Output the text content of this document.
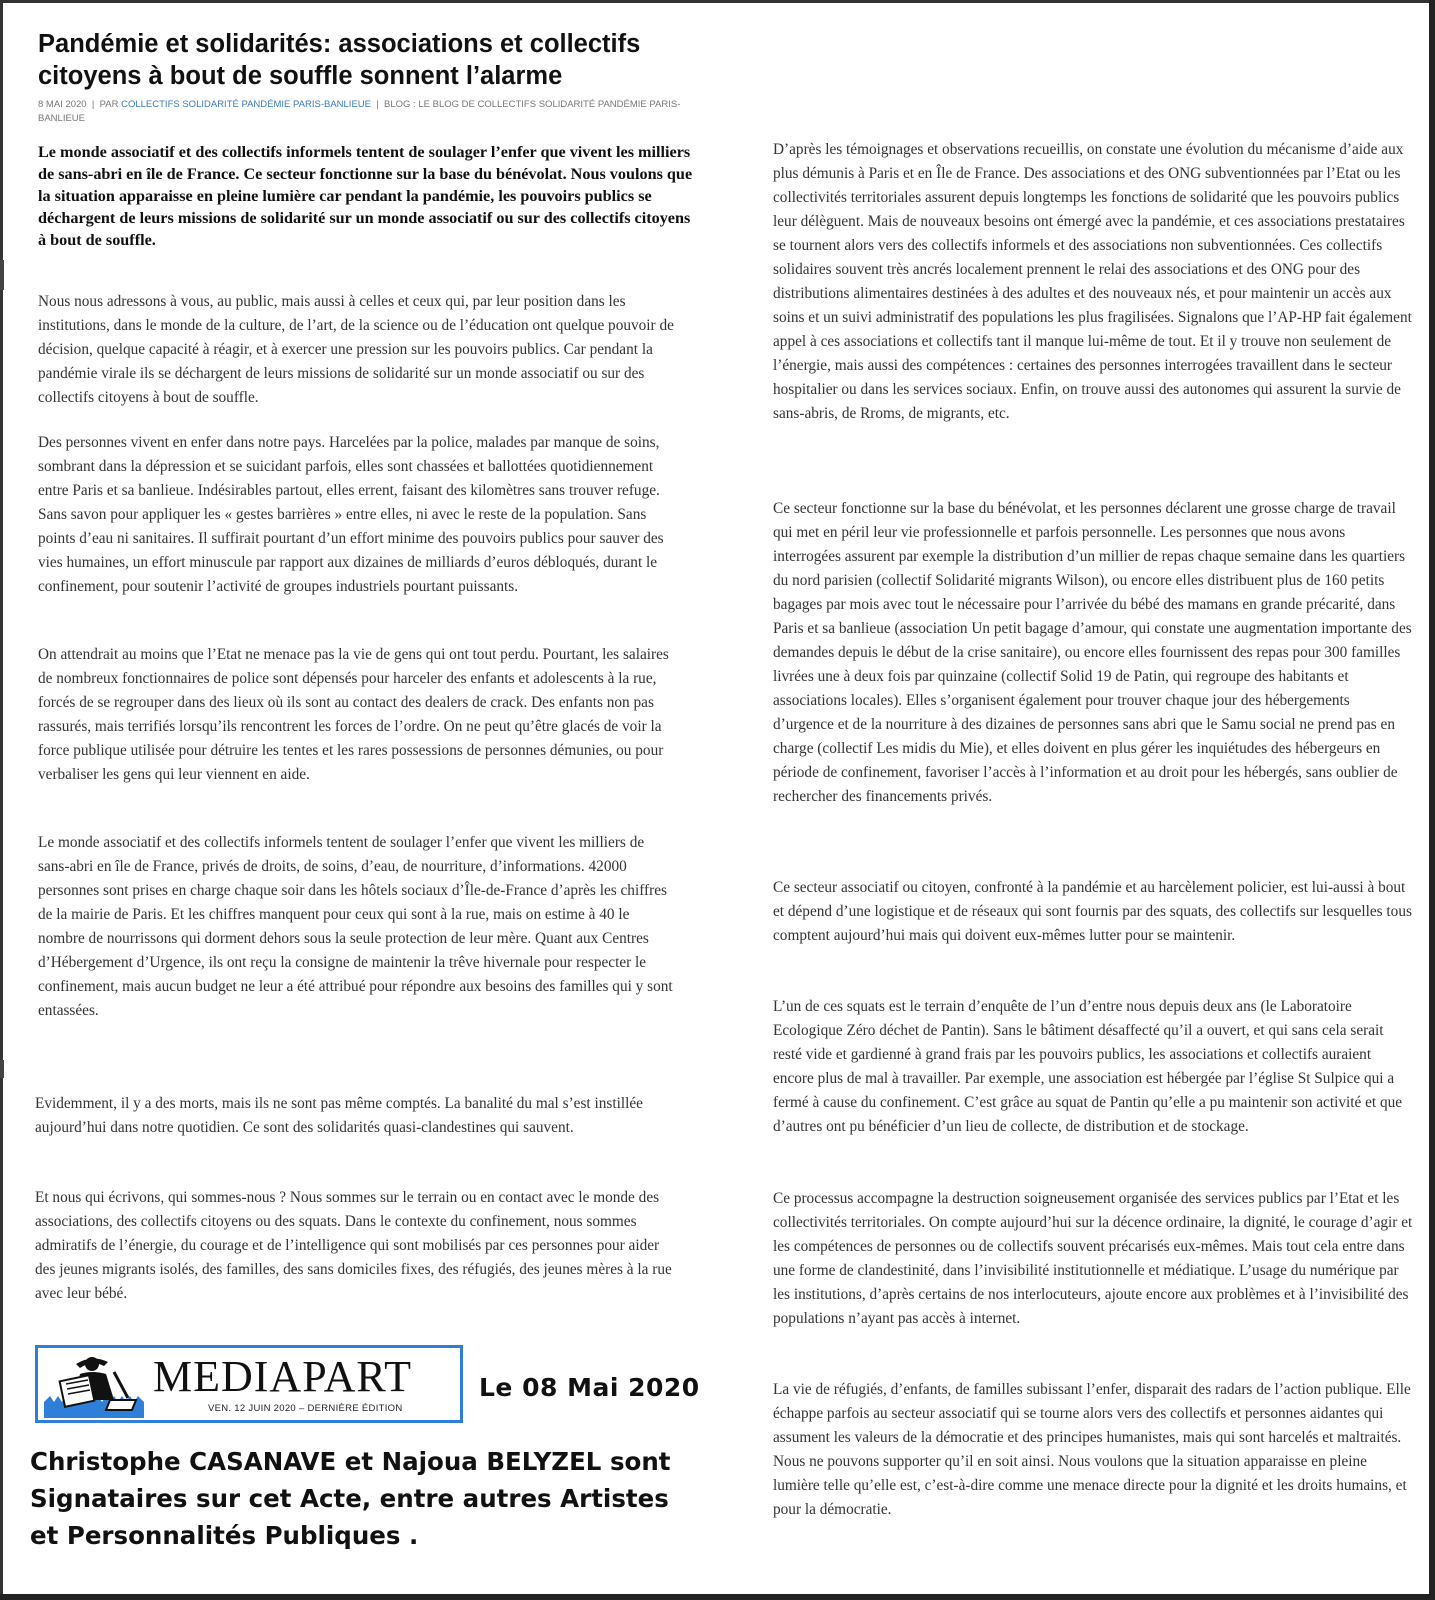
Pandémie et solidarités: associations et collectifs citoyens à bout de souffle sonnent l’alarme
8 MAI 2020  |  PAR COLLECTIFS SOLIDARITÉ PANDÉMIE PARIS-BANLIEUE  |  BLOG : LE BLOG DE COLLECTIFS SOLIDARITÉ PANDÉMIE PARIS-BANLIEUE

Le monde associatif et des collectifs informels tentent de soulager l’enfer que vivent les milliers de sans-abri en île de France. Ce secteur fonctionne sur la base du bénévolat. Nous voulons que la situation apparaisse en pleine lumière car pendant la pandémie, les pouvoirs publics se déchargent de leurs missions de solidarité sur un monde associatif ou sur des collectifs citoyens à bout de souffle.

Nous nous adressons à vous, au public, mais aussi à celles et ceux qui, par leur position dans les institutions, dans le monde de la culture, de l’art, de la science ou de l’éducation ont quelque pouvoir de décision, quelque capacité à réagir, et à exercer une pression sur les pouvoirs publics. Car pendant la pandémie virale ils se déchargent de leurs missions de solidarité sur un monde associatif ou sur des collectifs citoyens à bout de souffle.

Des personnes vivent en enfer dans notre pays. Harcelées par la police, malades par manque de soins, sombrant dans la dépression et se suicidant parfois, elles sont chassées et ballottées quotidiennement entre Paris et sa banlieue. Indésirables partout, elles errent, faisant des kilomètres sans trouver refuge. Sans savon pour appliquer les « gestes barrières » entre elles, ni avec le reste de la population. Sans points d’eau ni sanitaires. Il suffirait pourtant d’un effort minime des pouvoirs publics pour sauver des vies humaines, un effort minuscule par rapport aux dizaines de milliards d’euros débloqués, durant le confinement, pour soutenir l’activité de groupes industriels pourtant puissants.

On attendrait au moins que l’Etat ne menace pas la vie de gens qui ont tout perdu. Pourtant, les salaires de nombreux fonctionnaires de police sont dépensés pour harceler des enfants et adolescents à la rue, forcés de se regrouper dans des lieux où ils sont au contact des dealers de crack. Des enfants non pas rassurés, mais terrifiés lorsqu’ils rencontrent les forces de l’ordre. On ne peut qu’être glacés de voir la force publique utilisée pour détruire les tentes et les rares possessions de personnes démunies, ou pour verbaliser les gens qui leur viennent en aide.

Le monde associatif et des collectifs informels tentent de soulager l’enfer que vivent les milliers de sans-abri en île de France, privés de droits, de soins, d’eau, de nourriture, d’informations. 42000 personnes sont prises en charge chaque soir dans les hôtels sociaux d’Île-de-France d’après les chiffres de la mairie de Paris. Et les chiffres manquent pour ceux qui sont à la rue, mais on estime à 40 le nombre de nourrissons qui dorment dehors sous la seule protection de leur mère. Quant aux Centres d’Hébergement d’Urgence, ils ont reçu la consigne de maintenir la trêve hivernale pour respecter le confinement, mais aucun budget ne leur a été attribué pour répondre aux besoins des familles qui y sont entassées.

Evidemment, il y a des morts, mais ils ne sont pas même comptés. La banalité du mal s’est instillée aujourd’hui dans notre quotidien. Ce sont des solidarités quasi-clandestines qui sauvent.

Et nous qui écrivons, qui sommes-nous ? Nous sommes sur le terrain ou en contact avec le monde des associations, des collectifs citoyens ou des squats. Dans le contexte du confinement, nous sommes admiratifs de l’énergie, du courage et de l’intelligence qui sont mobilisés par ces personnes pour aider des jeunes migrants isolés, des familles, des sans domiciles fixes, des réfugiés, des jeunes mères à la rue avec leur bébé.

D’après les témoignages et observations recueillis, on constate une évolution du mécanisme d’aide aux plus démunis à Paris et en Île de France. Des associations et des ONG subventionnées par l’Etat ou les collectivités territoriales assurent depuis longtemps les fonctions de solidarité que les pouvoirs publics leur délèguent. Mais de nouveaux besoins ont émergé avec la pandémie, et ces associations prestataires se tournent alors vers des collectifs informels et des associations non subventionnées. Ces collectifs solidaires souvent très ancrés localement prennent le relai des associations et des ONG pour des distributions alimentaires destinées à des adultes et des nouveaux nés, et pour maintenir un accès aux soins et un suivi administratif des populations les plus fragilisées. Signalons que l’AP-HP fait également appel à ces associations et collectifs tant il manque lui-même de tout. Et il y trouve non seulement de l’énergie, mais aussi des compétences : certaines des personnes interrogées travaillent dans le secteur hospitalier ou dans les services sociaux. Enfin, on trouve aussi des autonomes qui assurent la survie de sans-abris, de Rroms, de migrants, etc.

Ce secteur fonctionne sur la base du bénévolat, et les personnes déclarent une grosse charge de travail qui met en péril leur vie professionnelle et parfois personnelle. Les personnes que nous avons interrogées assurent par exemple la distribution d’un millier de repas chaque semaine dans les quartiers du nord parisien (collectif Solidarité migrants Wilson), ou encore elles distribuent plus de 160 petits bagages par mois avec tout le nécessaire pour l’arrivée du bébé des mamans en grande précarité, dans Paris et sa banlieue (association Un petit bagage d’amour, qui constate une augmentation importante des demandes depuis le début de la crise sanitaire), ou encore elles fournissent des repas pour 300 familles livrées une à deux fois par quinzaine (collectif Solid 19 de Patin, qui regroupe des habitants et associations locales). Elles s’organisent également pour trouver chaque jour des hébergements d’urgence et de la nourriture à des dizaines de personnes sans abri que le Samu social ne prend pas en charge (collectif Les midis du Mie), et elles doivent en plus gérer les inquiétudes des hébergeurs en période de confinement, favoriser l’accès à l’information et au droit pour les hébergés, sans oublier de rechercher des financements privés.

Ce secteur associatif ou citoyen, confronté à la pandémie et au harcèlement policier, est lui-aussi à bout et dépend d’une logistique et de réseaux qui sont fournis par des squats, des collectifs sur lesquelles tous comptent aujourd’hui mais qui doivent eux-mêmes lutter pour se maintenir.

L’un de ces squats est le terrain d’enquête de l’un d’entre nous depuis deux ans (le Laboratoire Ecologique Zéro déchet de Pantin). Sans le bâtiment désaffecté qu’il a ouvert, et qui sans cela serait resté vide et gardienné à grand frais par les pouvoirs publics, les associations et collectifs auraient encore plus de mal à travailler. Par exemple, une association est hébergée par l’église St Sulpice qui a fermé à cause du confinement. C’est grâce au squat de Pantin qu’elle a pu maintenir son activité et que d’autres ont pu bénéficier d’un lieu de collecte, de distribution et de stockage.

Ce processus accompagne la destruction soigneusement organisée des services publics par l’Etat et les collectivités territoriales. On compte aujourd’hui sur la décence ordinaire, la dignité, le courage d’agir et les compétences de personnes ou de collectifs souvent précarisés eux-mêmes. Mais tout cela entre dans une forme de clandestinité, dans l’invisibilité institutionnelle et médiatique. L’usage du numérique par les institutions, d’après certains de nos interlocuteurs, ajoute encore aux problèmes et à l’invisibilité des populations n’ayant pas accès à internet.

La vie de réfugiés, d’enfants, de familles subissant l’enfer, disparait des radars de l’action publique. Elle échappe parfois au secteur associatif qui se tourne alors vers des collectifs et personnes aidantes qui assument les valeurs de la démocratie et des principes humanistes, mais qui sont harcelés et maltraités. Nous ne pouvons supporter qu’il en soit ainsi. Nous voulons que la situation apparaisse en pleine lumière telle qu’elle est, c’est-à-dire comme une menace directe pour la dignité et les droits humains, et pour la démocratie.

MEDIAPART
VEN. 12 JUIN 2020 – DERNIÈRE ÉDITION
Le 08 Mai 2020
Christophe CASANAVE et Najoua BELYZEL sont
Signataires sur cet Acte, entre autres Artistes
et Personnalités Publiques .
